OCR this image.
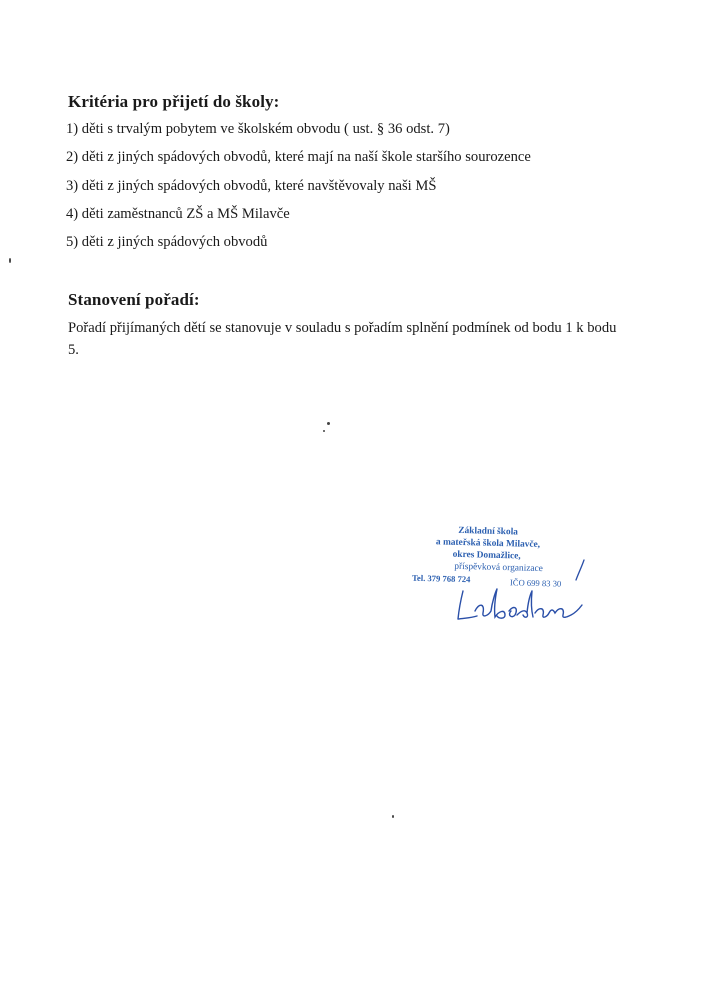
Kritéria pro přijetí do školy:
1) děti s trvalým pobytem ve školském obvodu ( ust. § 36 odst. 7)
2) děti z jiných spádových obvodů, které mají na naší škole staršího sourozence
3) děti z jiných spádových obvodů, které navštěvovaly naši MŠ
4) děti zaměstnanců ZŠ a MŠ Milavče
5) děti z jiných spádových obvodů
Stanovení pořadí:
Pořadí přijímaných dětí se stanovuje v souladu s pořadím splnění podmínek od bodu 1 k bodu 5.
Základní škola
a mateřská škola Milavče,
okres Domažlice,
příspěvková organizace
Tel. 379 768 724	IČO 699 83 30
